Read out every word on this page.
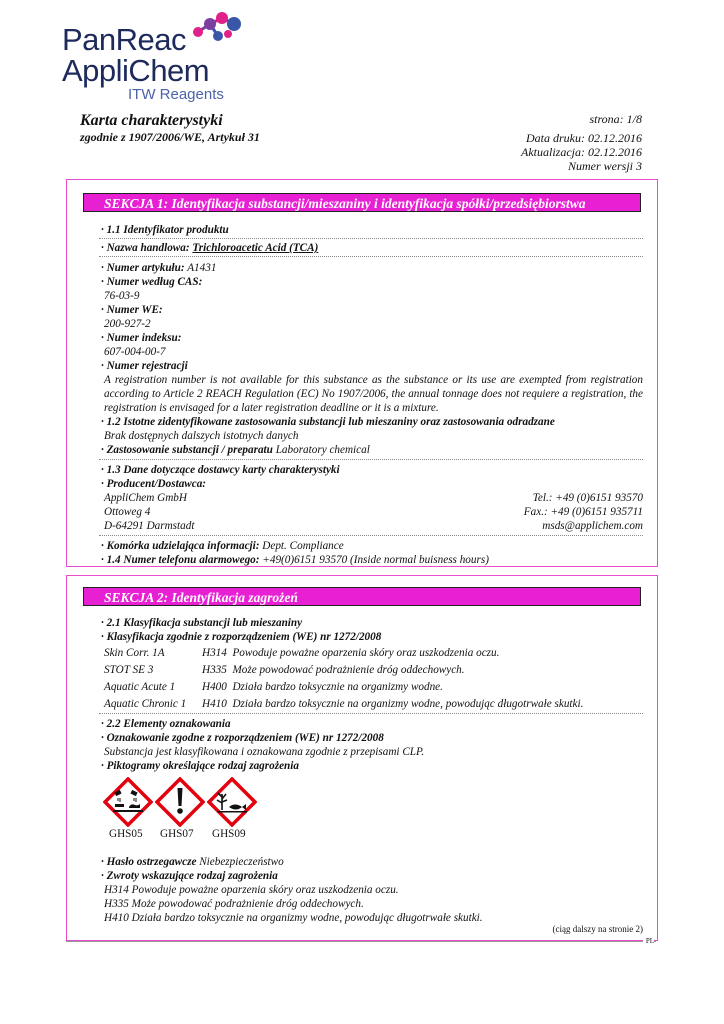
PanReac
AppliChem
ITW Reagents
Karta charakterystyki
zgodnie z 1907/2006/WE, Artykuł 31
strona: 1/8
Data druku: 02.12.2016
Aktualizacja: 02.12.2016
Numer wersji 3
SEKCJA 1: Identyfikacja substancji/mieszaniny i identyfikacja spółki/przedsiębiorstwa
· 1.1 Identyfikator produktu
· Nazwa handlowa: Trichloroacetic Acid (TCA)
· Numer artykułu: A1431
· Numer według CAS:
76-03-9
· Numer WE:
200-927-2
· Numer indeksu:
607-004-00-7
· Numer rejestracji
A registration number is not available for this substance as the substance or its use are exempted from registration according to Article 2 REACH Regulation (EC) No 1907/2006, the annual tonnage does not requiere a registration, the registration is envisaged for a later registration deadline or it is a mixture.
· 1.2 Istotne zidentyfikowane zastosowania substancji lub mieszaniny oraz zastosowania odradzane
Brak dostępnych dalszych istotnych danych
· Zastosowanie substancji / preparatu Laboratory chemical
· 1.3 Dane dotyczące dostawcy karty charakterystyki
· Producent/Dostawca:
AppliChem GmbH	Tel.: +49 (0)6151 93570
Ottoweg 4	Fax.: +49 (0)6151 935711
D-64291 Darmstadt	msds@applichem.com
· Komórka udzielająca informacji: Dept. Compliance
· 1.4 Numer telefonu alarmowego: +49(0)6151 93570 (Inside normal buisness hours)
SEKCJA 2: Identyfikacja zagrożeń
· 2.1 Klasyfikacja substancji lub mieszaniny
· Klasyfikacja zgodnie z rozporządzeniem (WE) nr 1272/2008
Skin Corr. 1A	H314 Powoduje poważne oparzenia skóry oraz uszkodzenia oczu.
STOT SE 3	H335 Może powodować podrażnienie dróg oddechowych.
Aquatic Acute 1 H400 Działa bardzo toksycznie na organizmy wodne.
Aquatic Chronic 1 H410 Działa bardzo toksycznie na organizmy wodne, powodując długotrwałe skutki.
· 2.2 Elementy oznakowania
· Oznakowanie zgodne z rozporządzeniem (WE) nr 1272/2008
Substancja jest klasyfikowana i oznakowana zgodnie z przepisami CLP.
· Piktogramy określające rodzaj zagrożenia
GHS05 GHS07 GHS09
· Hasło ostrzegawcze Niebezpieczeństwo
· Zwroty wskazujące rodzaj zagrożenia
H314 Powoduje poważne oparzenia skóry oraz uszkodzenia oczu.
H335 Może powodować podrażnienie dróg oddechowych.
H410 Działa bardzo toksycznie na organizmy wodne, powodując długotrwałe skutki.
(ciąg dalszy na stronie 2)
PL
